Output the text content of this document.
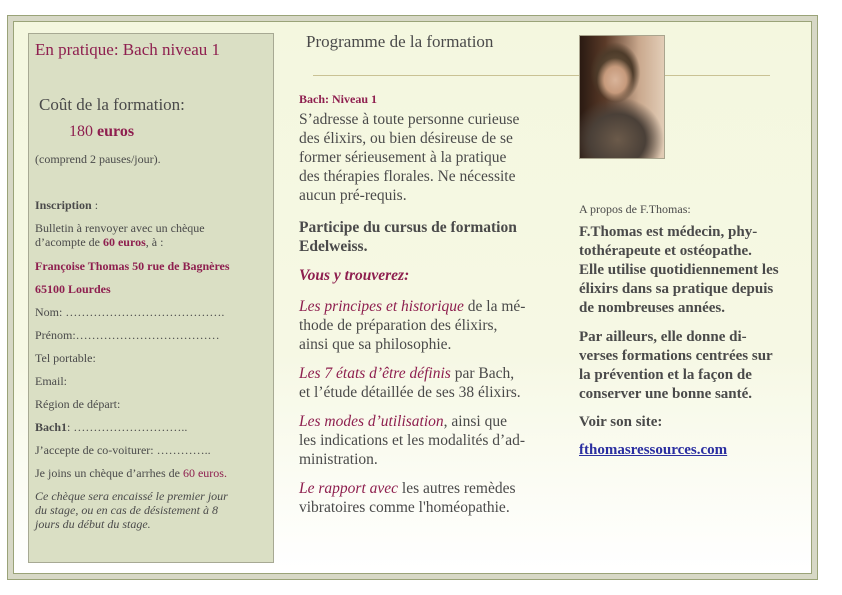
En pratique: Bach niveau 1
Coût de la formation:
180 euros
(comprend 2 pauses/jour).
Inscription :
Bulletin à renvoyer avec un chèque
d’acompte de 60 euros, à :
Françoise Thomas 50 rue de Bagnères
65100 Lourdes
Nom: ………………………………….
Prénom:………………………………
Tel portable:
Email:
Région de départ:
Bach1: ………………………..
J’accepte de co-voiturer: …………..
Je joins un chèque d’arrhes de 60 euros.
Ce chèque sera encaissé le premier jour
du stage, ou en cas de désistement à 8
jours du début du stage.
Programme de la formation
Bach: Niveau 1
S’adresse à toute personne curieuse
des élixirs, ou bien désireuse de se
former sérieusement à la pratique
des thérapies florales. Ne nécessite
aucun pré-requis.
Participe du cursus de formation
Edelweiss.
Vous y trouverez:
Les principes et historique de la mé-
thode de préparation des élixirs,
ainsi que sa philosophie.
Les 7 états d’être définis par Bach,
et l’étude détaillée de ses 38 élixirs.
Les modes d’utilisation, ainsi que
les indications et les modalités d’ad-
ministration.
Le rapport avec les autres remèdes
vibratoires comme l'homéopathie.
A propos de F.Thomas:
F.Thomas est médecin, phy-
tothérapeute et ostéopathe.
Elle utilise quotidiennement les
élixirs dans sa pratique depuis
de nombreuses années.
Par ailleurs, elle donne di-
verses formations centrées sur
la prévention et la façon de
conserver une bonne santé.
Voir son site:
fthomasressources.com
